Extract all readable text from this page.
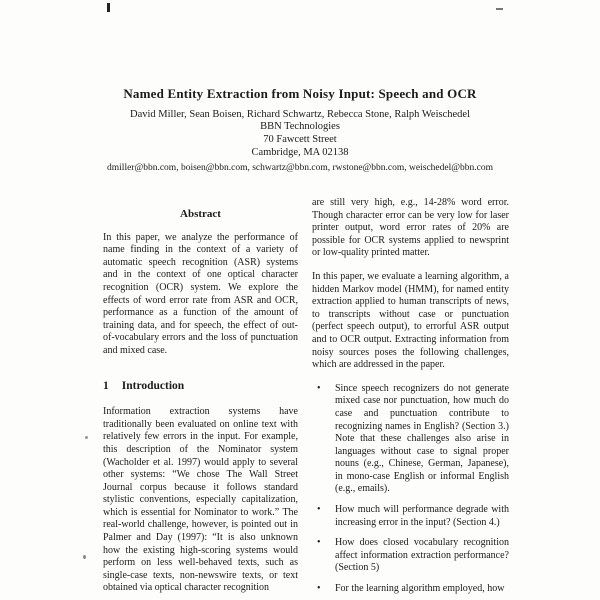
Named Entity Extraction from Noisy Input: Speech and OCR
David Miller, Sean Boisen, Richard Schwartz, Rebecca Stone, Ralph Weischedel
BBN Technologies
70 Fawcett Street
Cambridge, MA 02138
dmiller@bbn.com, boisen@bbn.com, schwartz@bbn.com, rwstone@bbn.com, weischedel@bbn.com
Abstract

In this paper, we analyze the performance of name finding in the context of a variety of automatic speech recognition (ASR) systems and in the context of one optical character recognition (OCR) system. We explore the effects of word error rate from ASR and OCR, performance as a function of the amount of training data, and for speech, the effect of out-of-vocabulary errors and the loss of punctuation and mixed case.

1 Introduction

Information extraction systems have traditionally been evaluated on online text with relatively few errors in the input. For example, this description of the Nominator system (Wacholder et al. 1997) would apply to several other systems: “We chose The Wall Street Journal corpus because it follows standard stylistic conventions, especially capitalization, which is essential for Nominator to work.” The real-world challenge, however, is pointed out in Palmer and Day (1997): “It is also unknown how the existing high-scoring systems would perform on less well-behaved texts, such as single-case texts, non-newswire texts, or text obtained via optical character recognition

are still very high, e.g., 14-28% word error. Though character error can be very low for laser printer output, word error rates of 20% are possible for OCR systems applied to newsprint or low-quality printed matter.

In this paper, we evaluate a learning algorithm, a hidden Markov model (HMM), for named entity extraction applied to human transcripts of news, to transcripts without case or punctuation (perfect speech output), to errorful ASR output and to OCR output. Extracting information from noisy sources poses the following challenges, which are addressed in the paper.

•	Since speech recognizers do not generate mixed case nor punctuation, how much do case and punctuation contribute to recognizing names in English? (Section 3.) Note that these challenges also arise in languages without case to signal proper nouns (e.g., Chinese, German, Japanese), in mono-case English or informal English (e.g., emails).
•	How much will performance degrade with increasing error in the input? (Section 4.)
•	How does closed vocabulary recognition affect information extraction performance? (Section 5)
•	For the learning algorithm employed, how
